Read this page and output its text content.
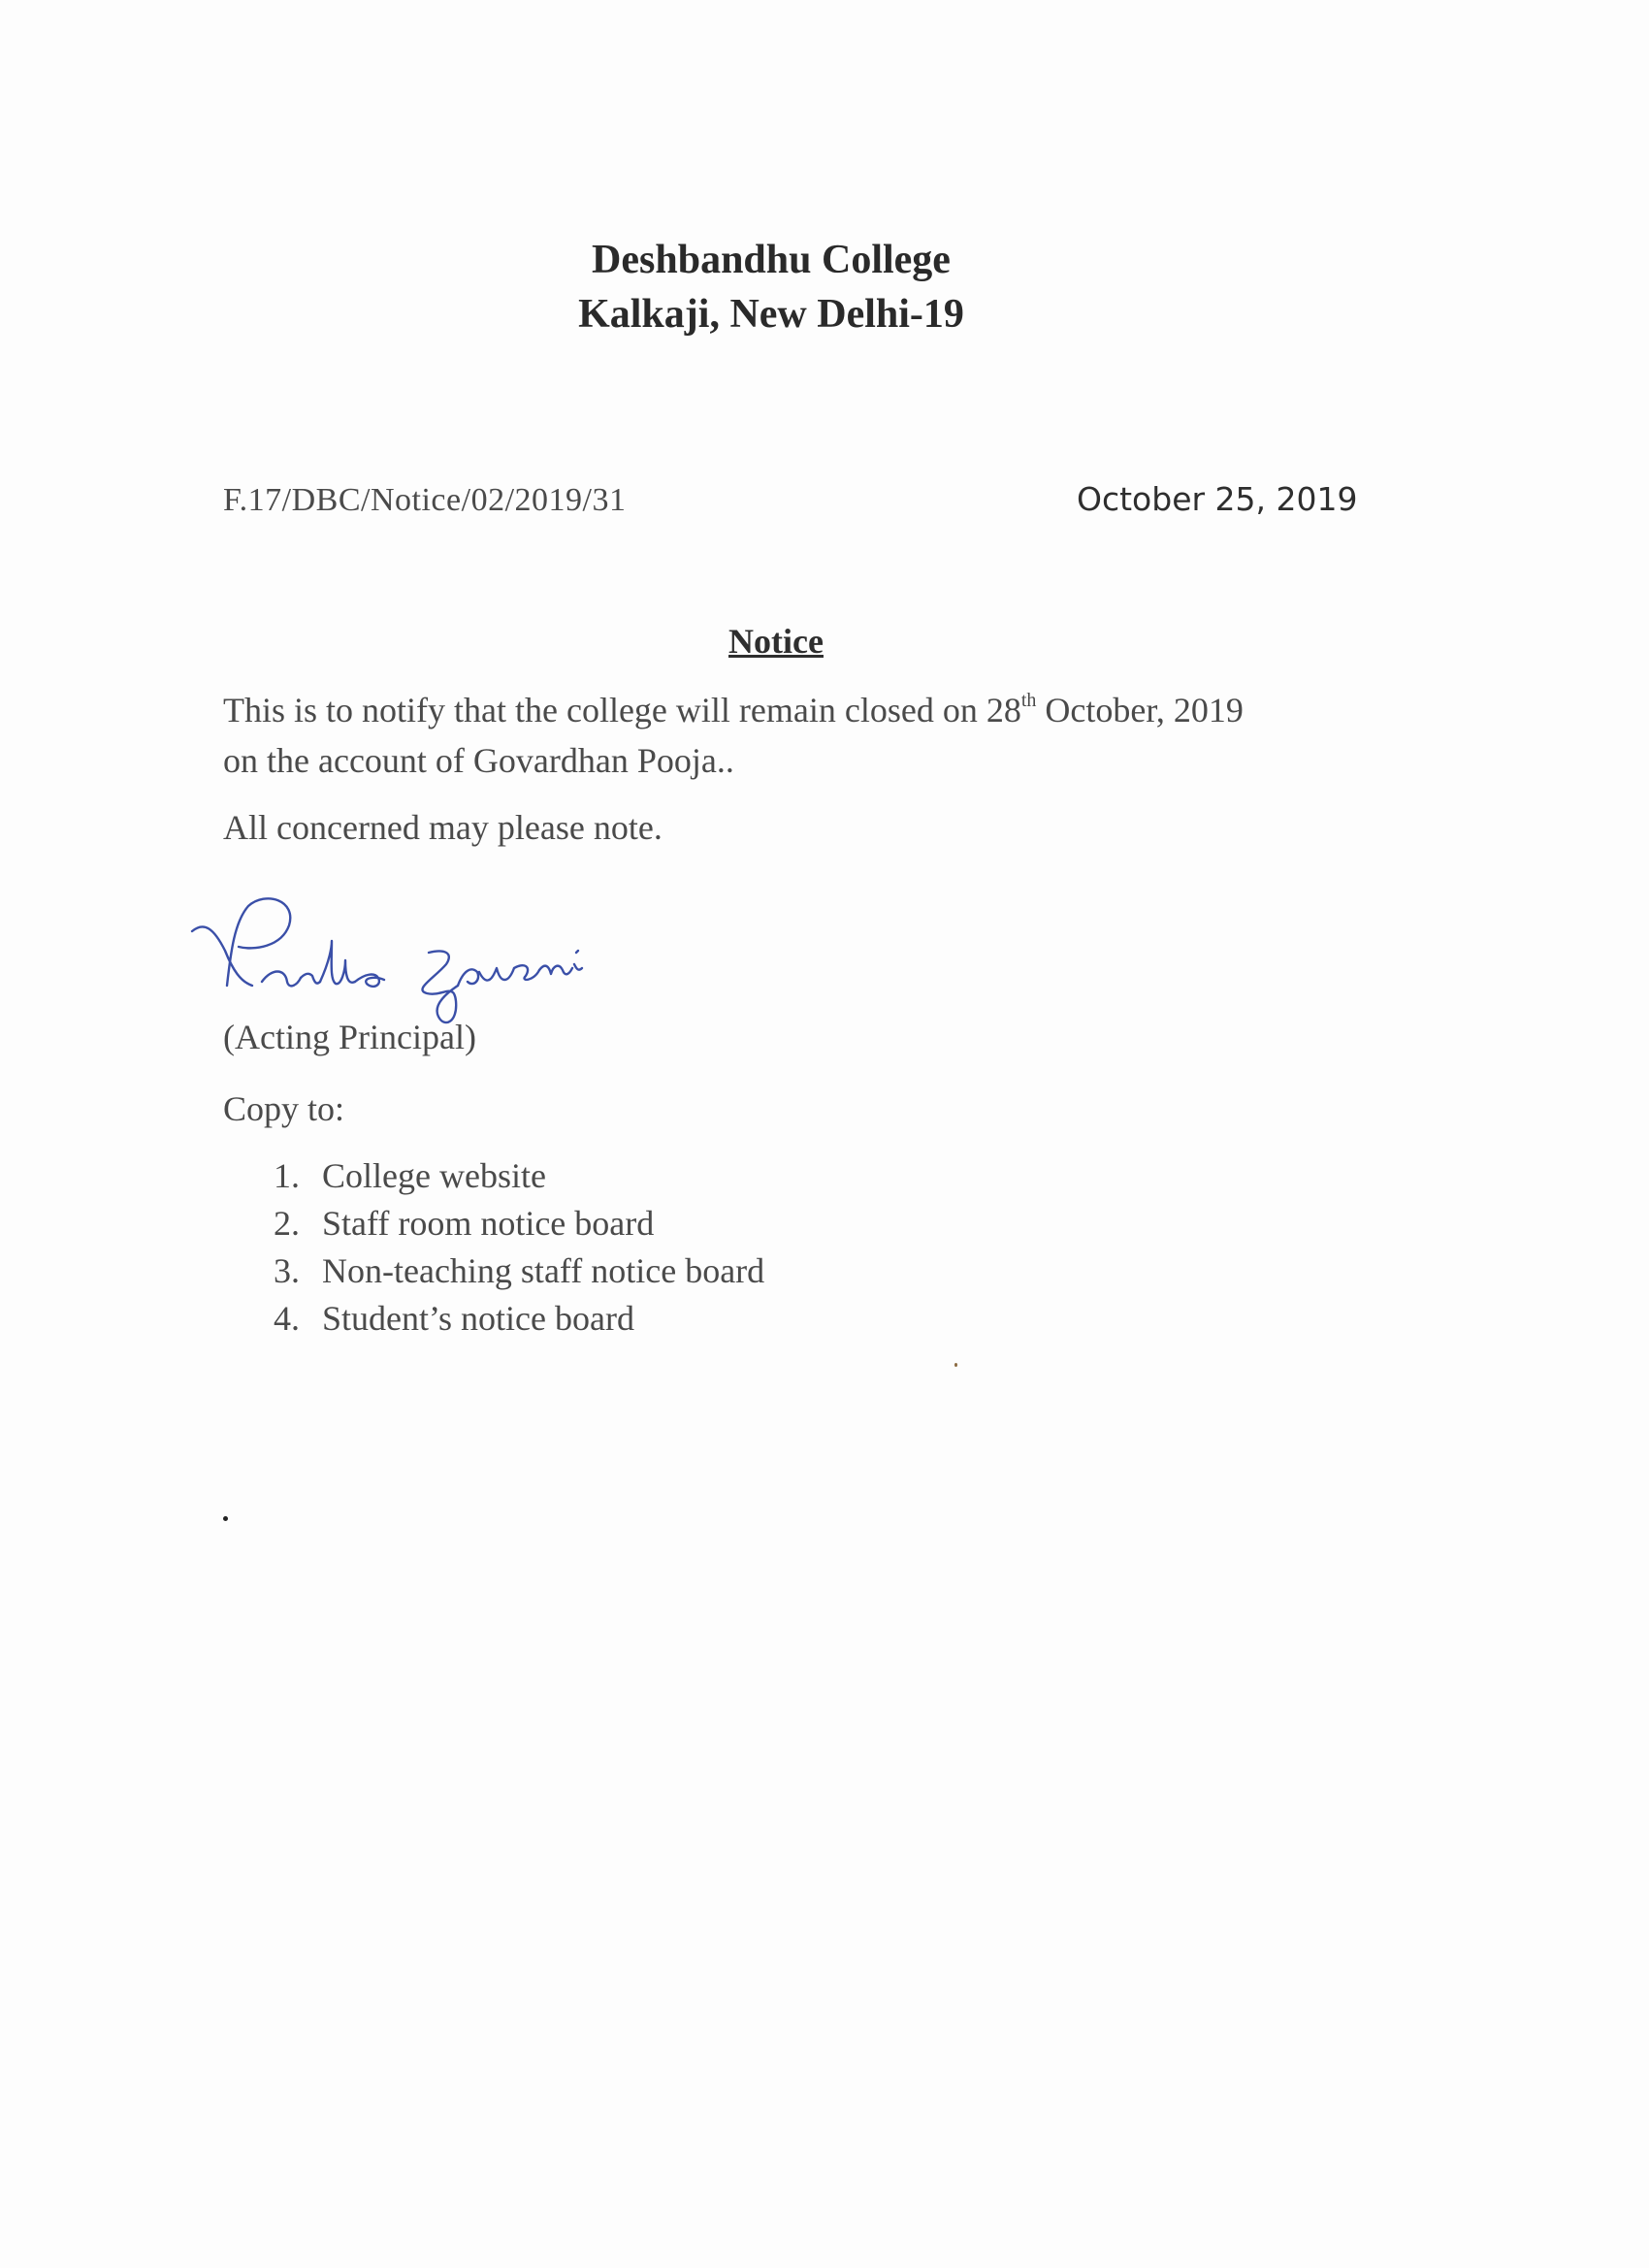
Deshbandhu College
Kalkaji, New Delhi-19
F.17/DBC/Notice/02/2019/31	October 25, 2019
Notice
This is to notify that the college will remain closed on 28th October, 2019
on the account of Govardhan Pooja..
All concerned may please note.
(Acting Principal)
Copy to:
1. College website
2. Staff room notice board
3. Non-teaching staff notice board
4. Student’s notice board
